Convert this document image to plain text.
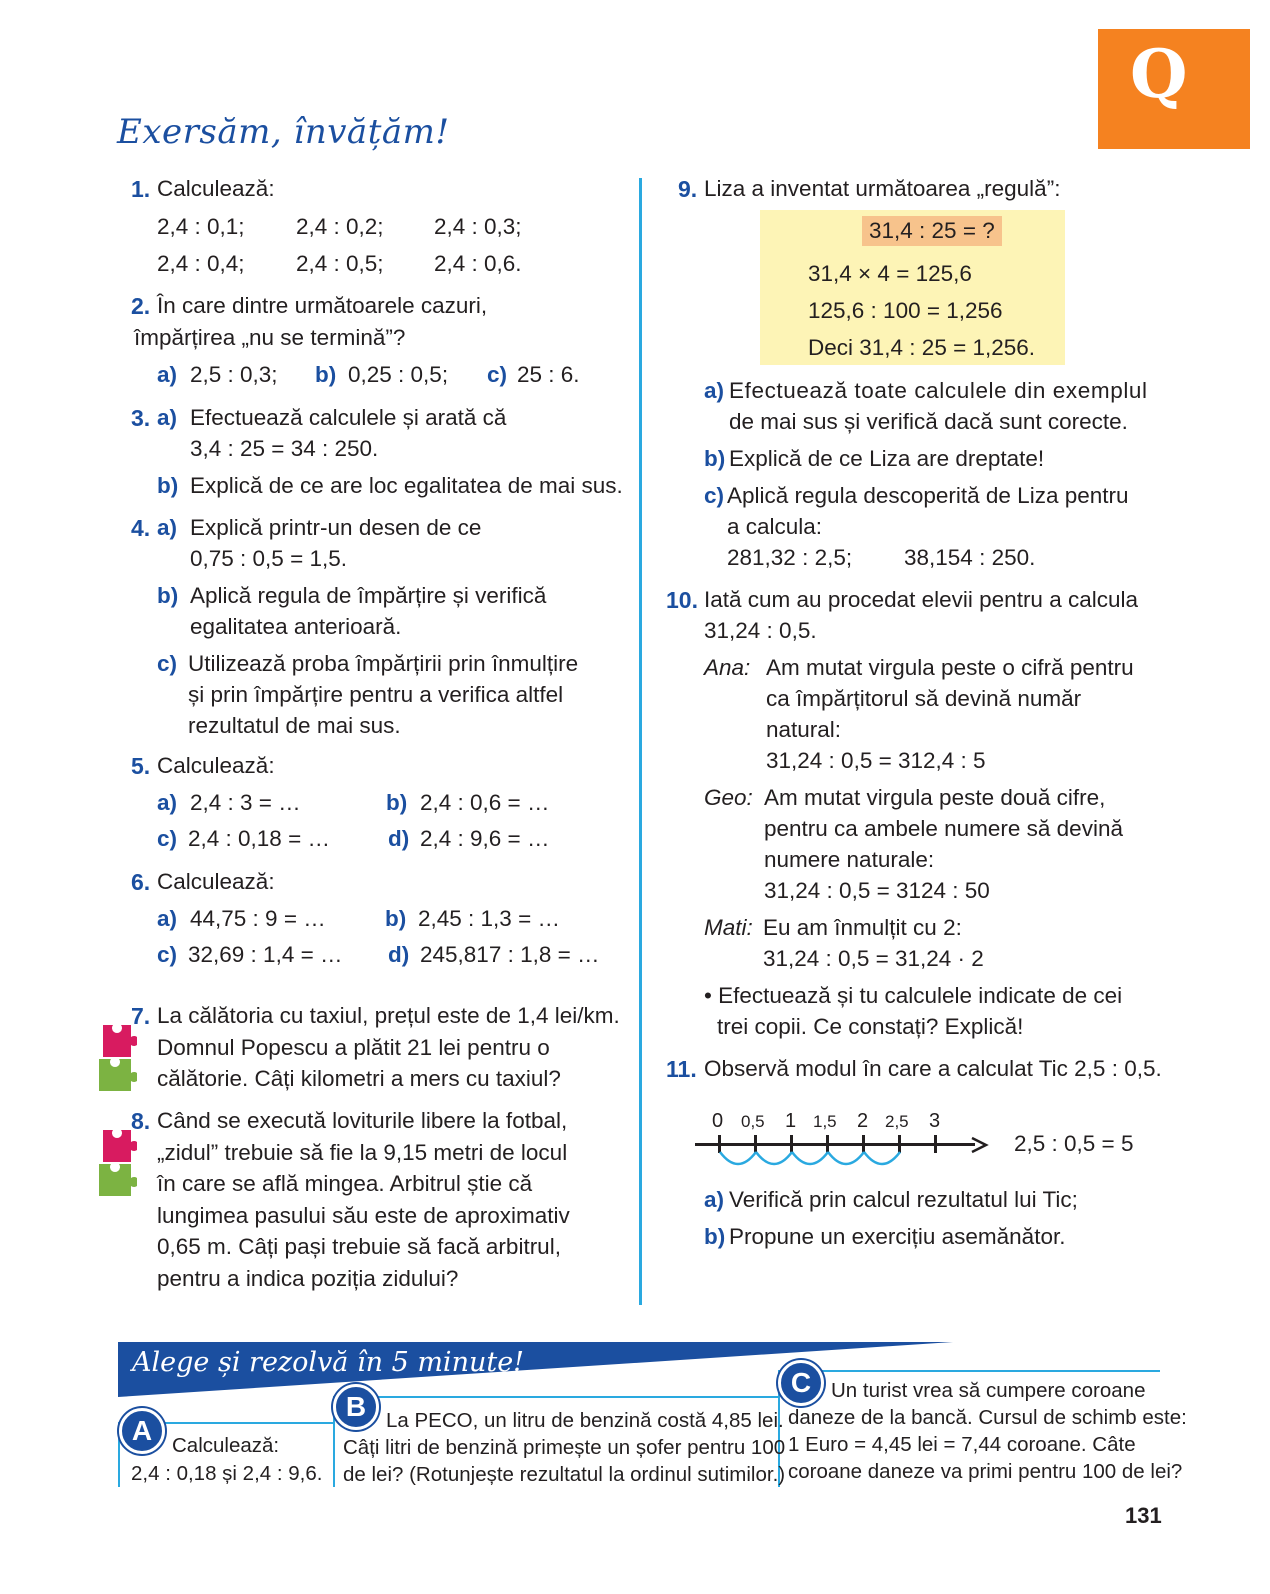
Q
Exersăm, învățăm!
1. Calculează:
2,4 : 0,1; 2,4 : 0,2; 2,4 : 0,3;
2,4 : 0,4; 2,4 : 0,5; 2,4 : 0,6.
2. În care dintre următoarele cazuri,
împărțirea „nu se termină”?
a) 2,5 : 0,3; b) 0,25 : 0,5; c) 25 : 6.
3. a) Efectuează calculele și arată că
3,4 : 25 = 34 : 250.
b) Explică de ce are loc egalitatea de mai sus.
4. a) Explică printr-un desen de ce
0,75 : 0,5 = 1,5.
b) Aplică regula de împărțire și verifică
egalitatea anterioară.
c) Utilizează proba împărțirii prin înmulțire
și prin împărțire pentru a verifica altfel
rezultatul de mai sus.
5. Calculează:
a) 2,4 : 3 = …	b) 2,4 : 0,6 = …
c) 2,4 : 0,18 = …	d) 2,4 : 9,6 = …
6. Calculează:
a) 44,75 : 9 = …	b) 2,45 : 1,3 = …
c) 32,69 : 1,4 = … d) 245,817 : 1,8 = …
7. La călătoria cu taxiul, prețul este de 1,4 lei/km.
Domnul Popescu a plătit 21 lei pentru o
călătorie. Câți kilometri a mers cu taxiul?
8. Când se execută loviturile libere la fotbal,
„zidul” trebuie să fie la 9,15 metri de locul
în care se află mingea. Arbitrul știe că
lungimea pasului său este de aproximativ
0,65 m. Câți pași trebuie să facă arbitrul,
pentru a indica poziția zidului?
9. Liza a inventat următoarea „regulă”:
31,4 : 25 = ?
31,4 × 4 = 125,6
125,6 : 100 = 1,256
Deci 31,4 : 25 = 1,256.
a) Efectuează toate calculele din exemplul
de mai sus și verifică dacă sunt corecte.
b) Explică de ce Liza are dreptate!
c) Aplică regula descoperită de Liza pentru
a calcula:
281,32 : 2,5; 38,154 : 250.
10. Iată cum au procedat elevii pentru a calcula
31,24 : 0,5.
Ana: Am mutat virgula peste o cifră pentru
ca împărțitorul să devină număr
natural:
31,24 : 0,5 = 312,4 : 5
Geo: Am mutat virgula peste două cifre,
pentru ca ambele numere să devină
numere naturale:
31,24 : 0,5 = 3124 : 50
Mati: Eu am înmulțit cu 2:
31,24 : 0,5 = 31,24 · 2
• Efectuează și tu calculele indicate de cei
trei copii. Ce constați? Explică!
11. Observă modul în care a calculat Tic 2,5 : 0,5.
0 0,5 1 1,5 2 2,5 3
2,5 : 0,5 = 5
a) Verifică prin calcul rezultatul lui Tic;
b) Propune un exercițiu asemănător.
Alege și rezolvă în 5 minute!
A
B
C
Calculează:
2,4 : 0,18 și 2,4 : 9,6.
La PECO, un litru de benzină costă 4,85 lei.
Câți litri de benzină primește un șofer pentru 100
de lei? (Rotunjește rezultatul la ordinul sutimilor.)
Un turist vrea să cumpere coroane
daneze de la bancă. Cursul de schimb este:
1 Euro = 4,45 lei = 7,44 coroane. Câte
coroane daneze va primi pentru 100 de lei?
131
